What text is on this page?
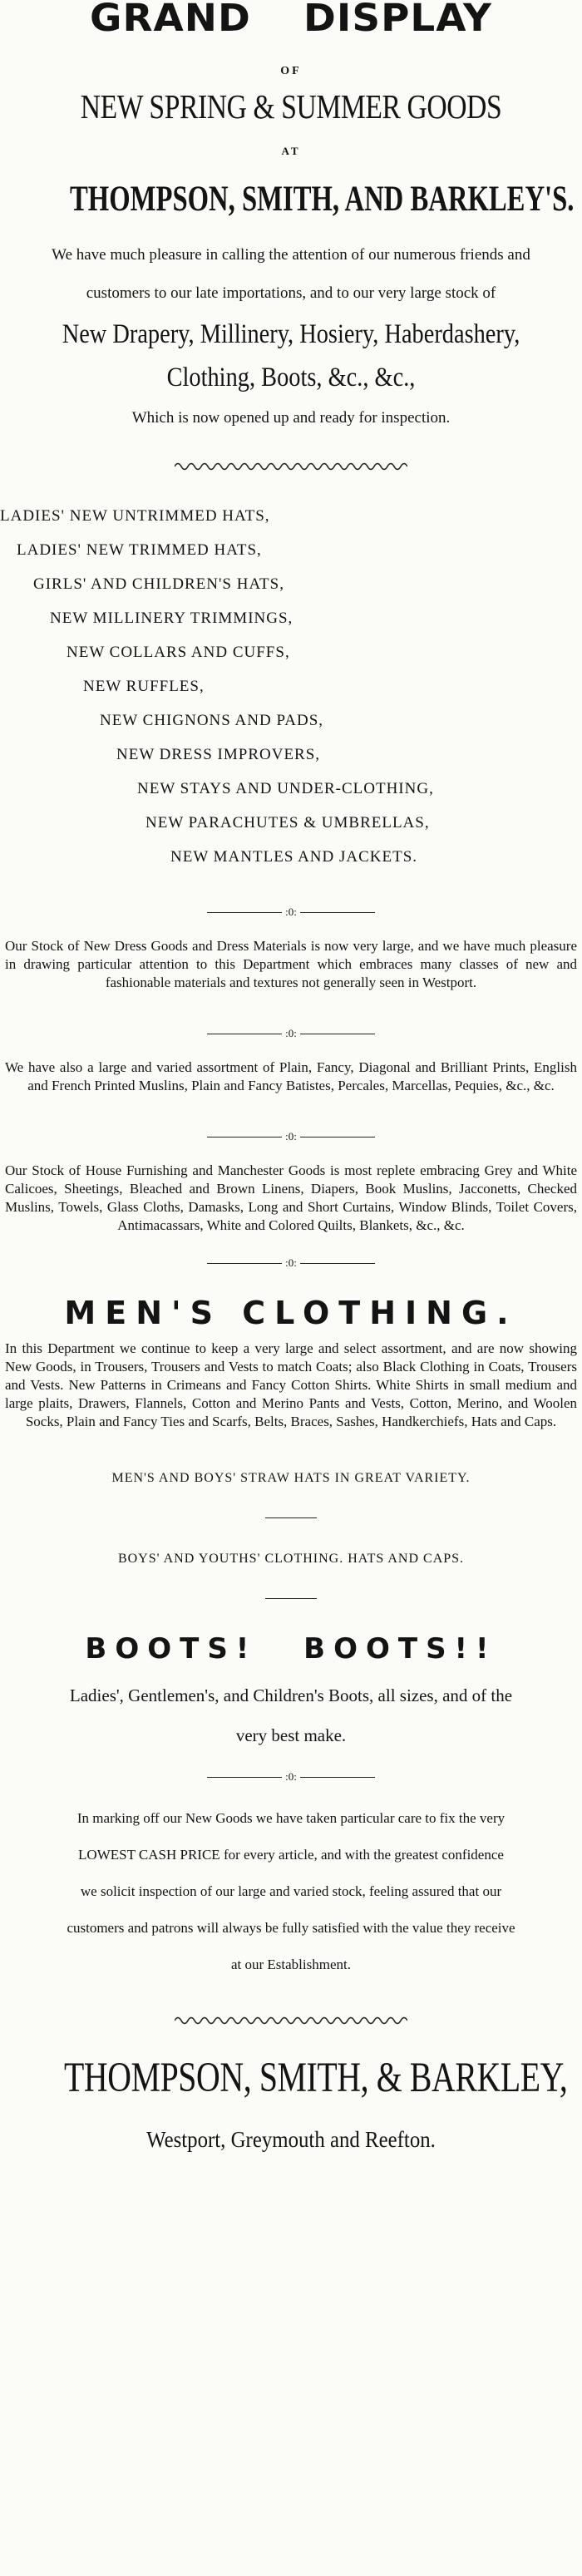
GRAND DISPLAY
OF
NEW SPRING & SUMMER GOODS
AT
THOMPSON, SMITH, AND BARKLEY'S.

We have much pleasure in calling the attention of our numerous friends and

customers to our late importations, and to our very large stock of

New Drapery, Millinery, Hosiery, Haberdashery,

Clothing, Boots, &c., &c.,

Which is now opened up and ready for inspection.

LADIES' NEW UNTRIMMED HATS,
LADIES' NEW TRIMMED HATS,
GIRLS' AND CHILDREN'S HATS,
NEW MILLINERY TRIMMINGS,
NEW COLLARS AND CUFFS,
NEW RUFFLES,
NEW CHIGNONS AND PADS,
NEW DRESS IMPROVERS,
NEW STAYS AND UNDER-CLOTHING,
NEW PARACHUTES & UMBRELLAS,
NEW MANTLES AND JACKETS.
:0:

Our Stock of New Dress Goods and Dress Materials is now very large, and we have much pleasure in drawing particular attention to this Department which embraces many classes of new and fashionable materials and textures not generally seen in Westport.

:0:

We have also a large and varied assortment of Plain, Fancy, Diagonal and Brilliant Prints, English and French Printed Muslins, Plain and Fancy Batistes, Percales, Marcellas, Pequies, &c., &c.

:0:

Our Stock of House Furnishing and Manchester Goods is most replete embracing Grey and White Calicoes, Sheetings, Bleached and Brown Linens, Diapers, Book Muslins, Jacconetts, Checked Muslins, Towels, Glass Cloths, Damasks, Long and Short Curtains, Window Blinds, Toilet Covers, Antimacassars, White and Colored Quilts, Blankets, &c., &c.

:0:
MEN'S CLOTHING.

In this Department we continue to keep a very large and select assortment, and are now showing New Goods, in Trousers, Trousers and Vests to match Coats; also Black Clothing in Coats, Trousers and Vests. New Patterns in Crimeans and Fancy Cotton Shirts. White Shirts in small medium and large plaits, Drawers, Flannels, Cotton and Merino Pants and Vests, Cotton, Merino, and Woolen Socks, Plain and Fancy Ties and Scarfs, Belts, Braces, Sashes, Handkerchiefs, Hats and Caps.

MEN'S AND BOYS' STRAW HATS IN GREAT VARIETY.

BOYS' AND YOUTHS' CLOTHING. HATS AND CAPS.

BOOTS! BOOTS!!

Ladies', Gentlemen's, and Children's Boots, all sizes, and of the

very best make.

:0:

In marking off our New Goods we have taken particular care to fix the very

LOWEST CASH PRICE for every article, and with the greatest confidence

we solicit inspection of our large and varied stock, feeling assured that our

customers and patrons will always be fully satisfied with the value they receive

at our Establishment.

THOMPSON, SMITH, & BARKLEY,
Westport, Greymouth and Reefton.
